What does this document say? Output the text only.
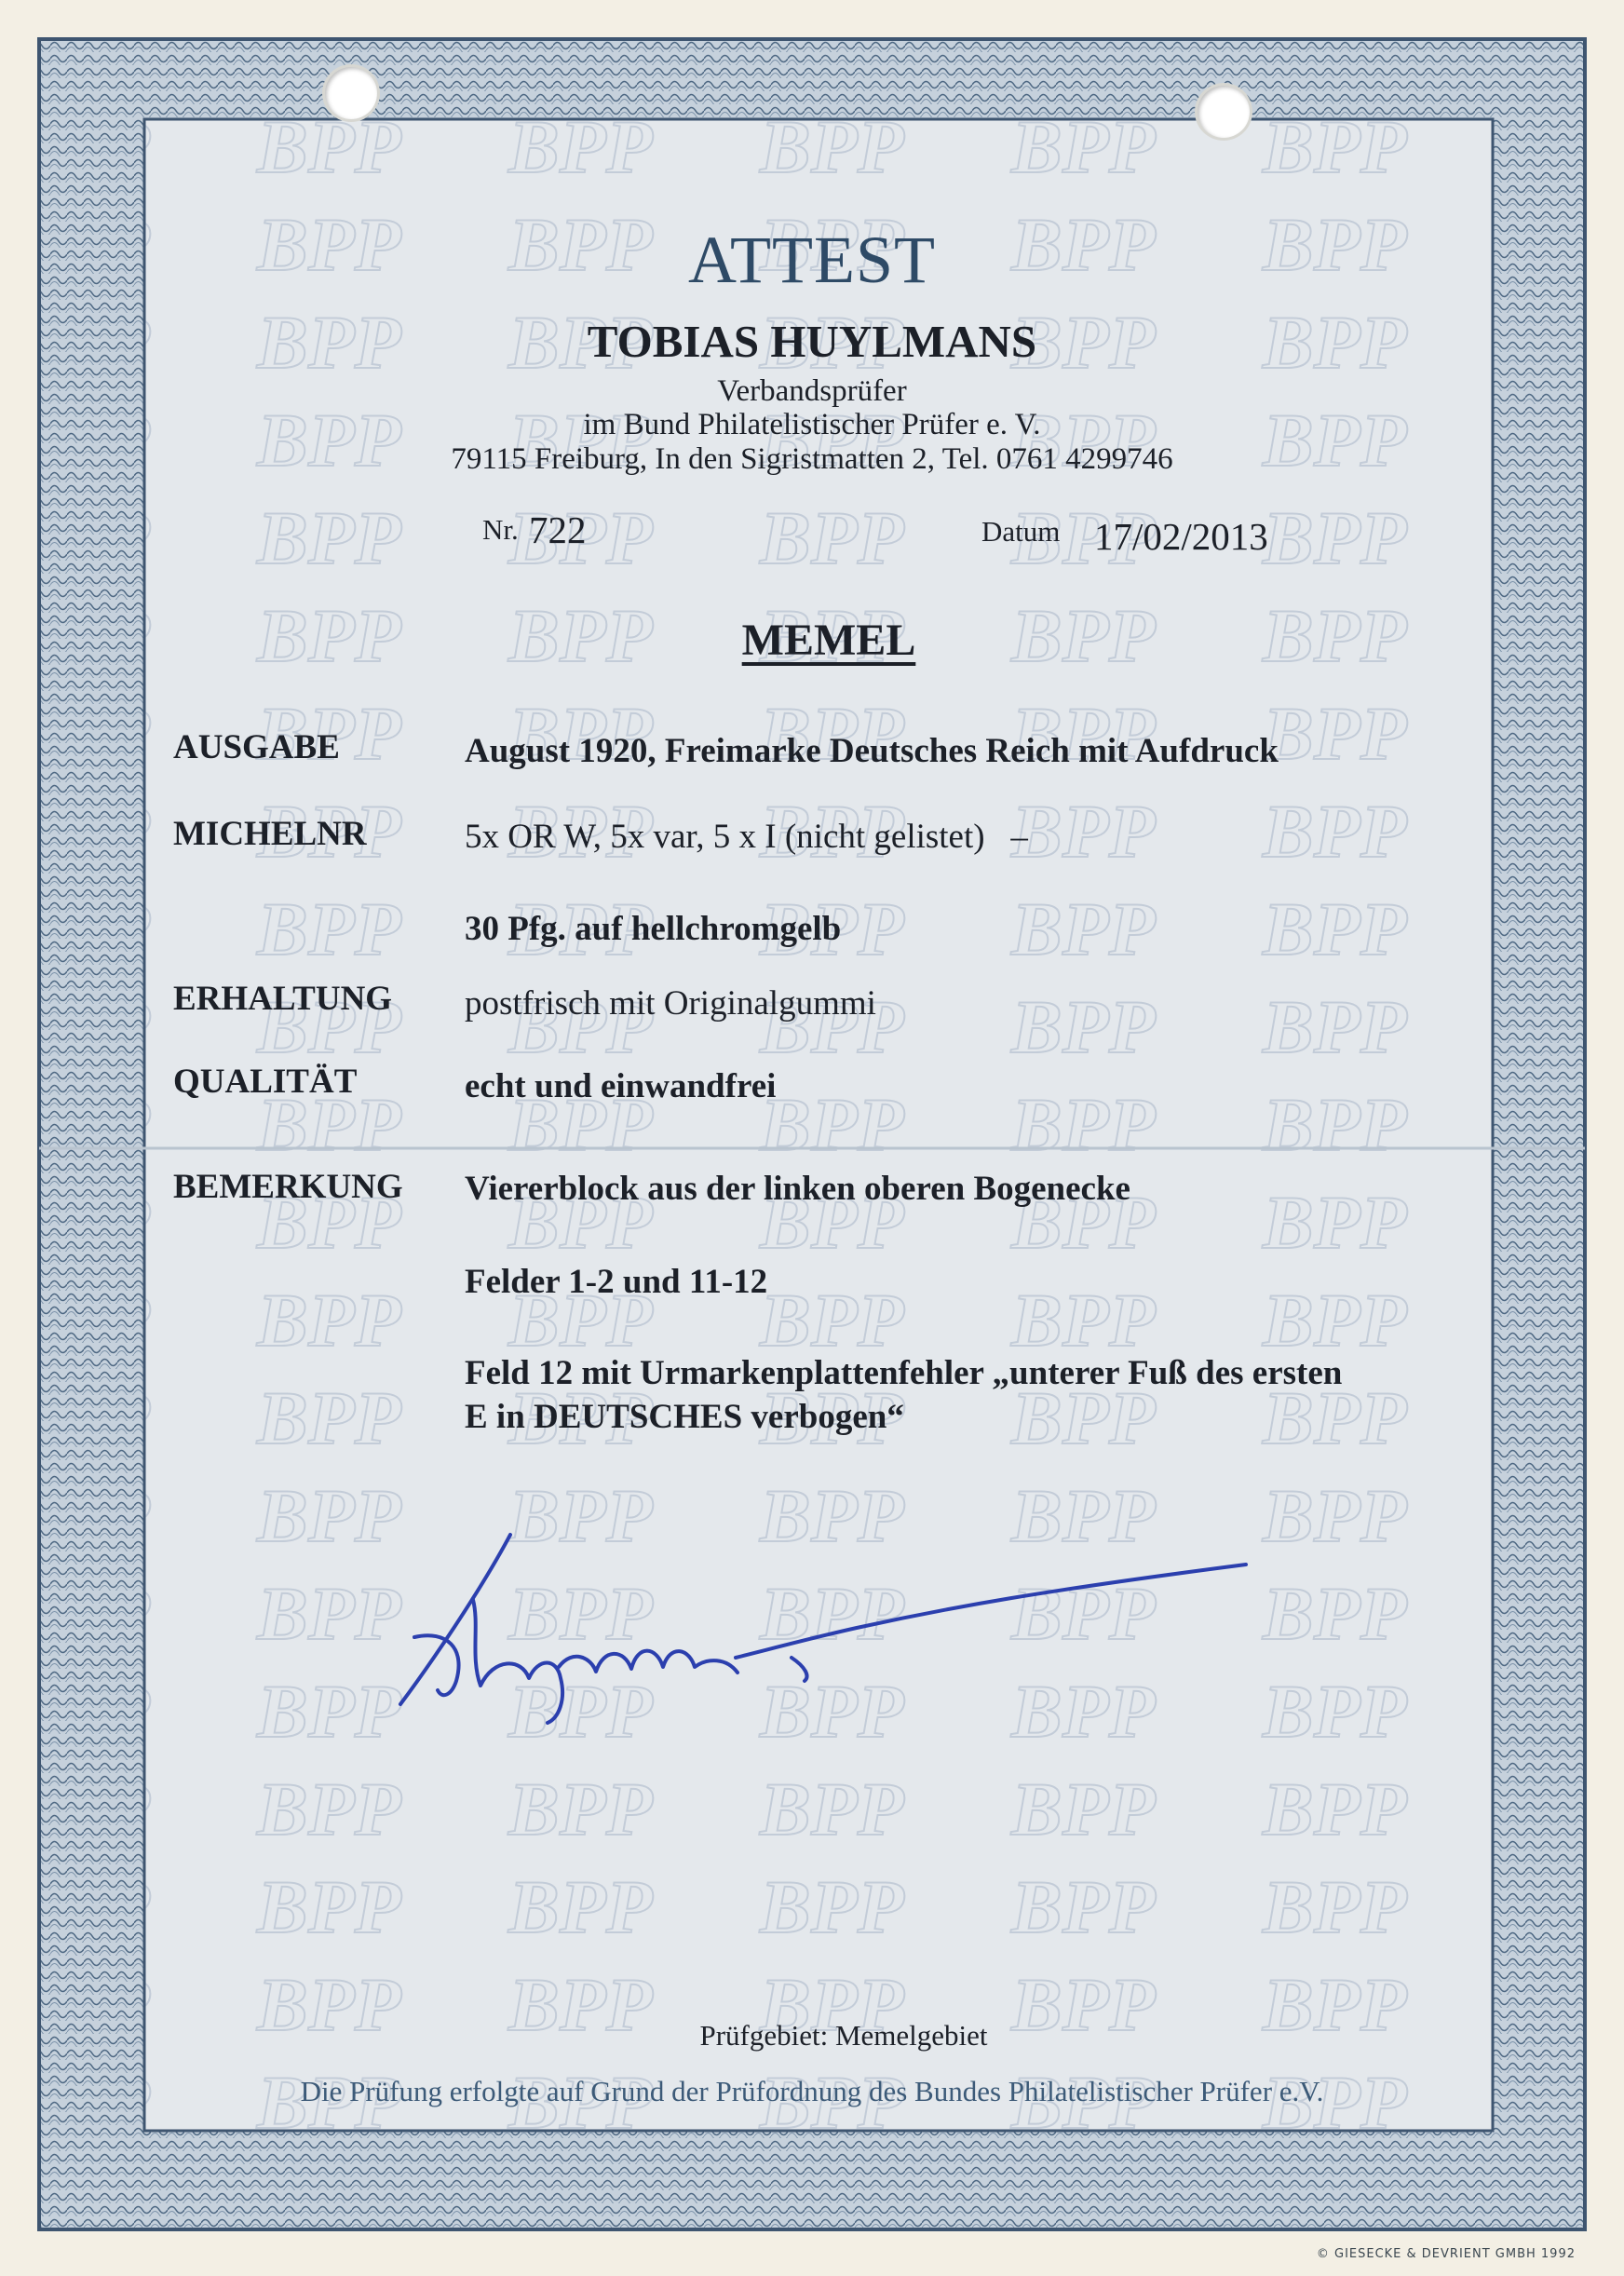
ATTEST
TOBIAS HUYLMANS
Verbandsprüfer
im Bund Philatelistischer Prüfer e. V.
79115 Freiburg, In den Sigristmatten 2, Tel. 0761 4299746
Nr. 722	Datum 17/02/2013
MEMEL
AUSGABE	August 1920, Freimarke Deutsches Reich mit Aufdruck
MICHELNR	5x OR W, 5x var, 5 x I (nicht gelistet)   –
30 Pfg. auf hellchromgelb
ERHALTUNG postfrisch mit Originalgummi
QUALITÄT	echt und einwandfrei
BEMERKUNG Viererblock aus der linken oberen Bogenecke
Felder 1-2 und 11-12
Feld 12 mit Urmarkenplattenfehler „unterer Fuß des ersten
E in DEUTSCHES verbogen“
Prüfgebiet: Memelgebiet
Die Prüfung erfolgte auf Grund der Prüfordnung des Bundes Philatelistischer Prüfer e.V.
© GIESECKE & DEVRIENT GMBH 1992
